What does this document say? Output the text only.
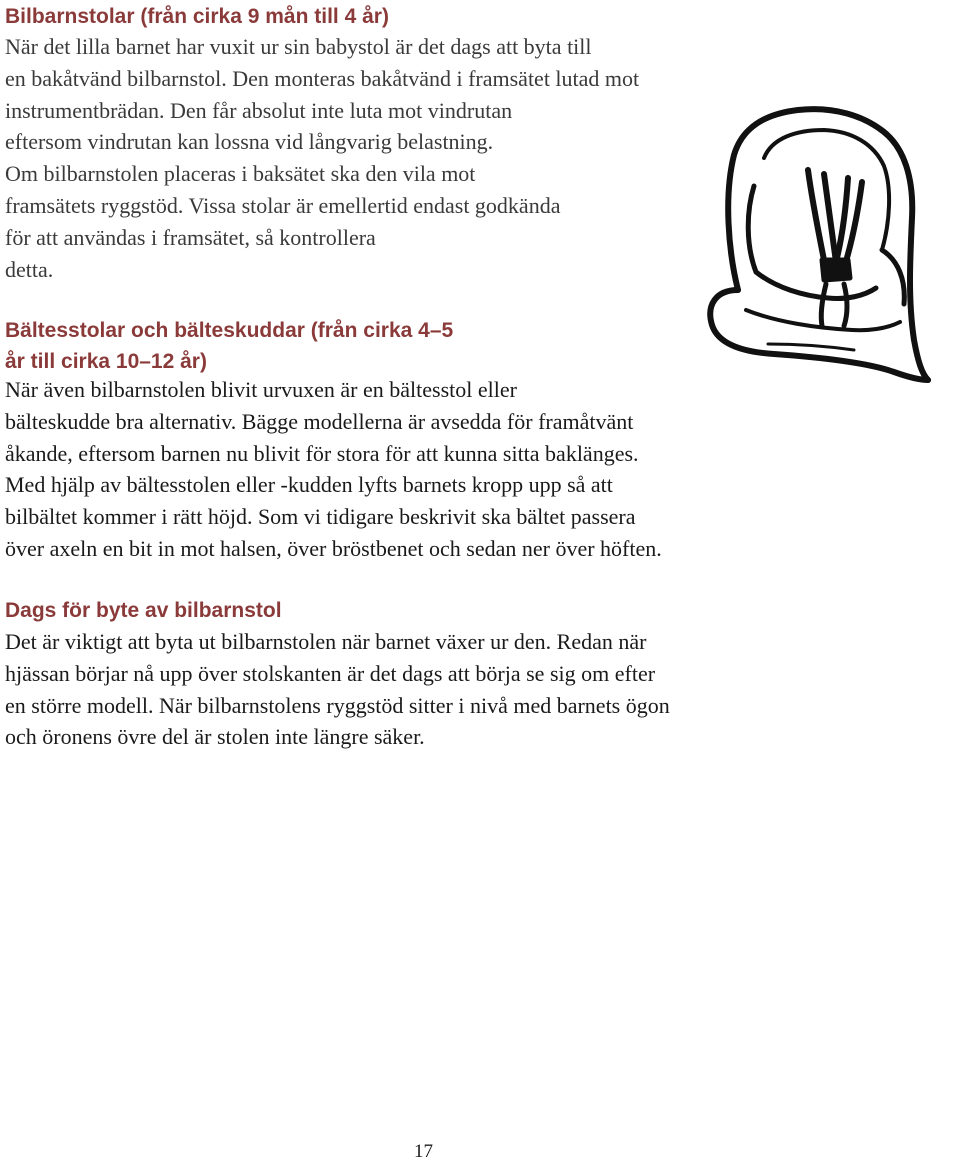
Bilbarnstolar (från cirka 9 mån till 4 år)

När det lilla barnet har vuxit ur sin babystol är det dags att byta till
en bakåtvänd bilbarnstol. Den monteras bakåtvänd i framsätet lutad mot
instrumentbrädan. Den får absolut inte luta mot vindrutan
eftersom vindrutan kan lossna vid långvarig belastning.
Om bilbarnstolen placeras i baksätet ska den vila mot
framsätets ryggstöd. Vissa stolar är emellertid endast godkända
för att användas i framsätet, så kontrollera
detta.

Bältesstolar och bälteskuddar (från cirka 4–5
år till cirka 10–12 år)

När även bilbarnstolen blivit urvuxen är en bältesstol eller
bälteskudde bra alternativ. Bägge modellerna är avsedda för framåtvänt
åkande, eftersom barnen nu blivit för stora för att kunna sitta baklänges.
Med hjälp av bältesstolen eller -kudden lyfts barnets kropp upp så att
bilbältet kommer i rätt höjd. Som vi tidigare beskrivit ska bältet passera
över axeln en bit in mot halsen, över bröstbenet och sedan ner över höften.

Dags för byte av bilbarnstol

Det är viktigt att byta ut bilbarnstolen när barnet växer ur den. Redan när
hjässan börjar nå upp över stolskanten är det dags att börja se sig om efter
en större modell. När bilbarnstolens ryggstöd sitter i nivå med barnets ögon
och öronens övre del är stolen inte längre säker.

17
